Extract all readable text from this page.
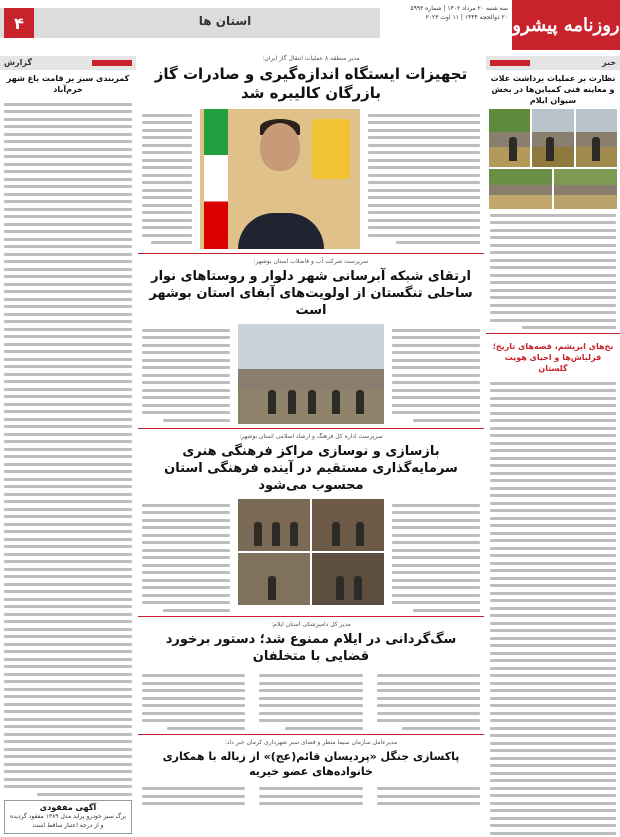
روزنامه پیشرو
سه شنبه ۲۰ مرداد ۱۴۰۲ | شماره ۵۹۹۳
۲۰ ذوالحجه ۱۴۴۴ | ۱۱ اوت ۲۰۲۳
استان ها
۴
خبر
نظارت بر عملیات برداشت غلات و معاینه فنی کمباین‌ها در بخش سیوان ایلام
نخ‌های ابریشم، قصه‌های تاریخ؛ قزلباش‌ها و احیای هویت گلستان
گزارش
کمربندی سبز بر قامت باغ شهر خرم‌آباد
آگهی مفقودی
برگ سبز خودرو پراید مدل ۱۳۸۹ مفقود گردیده و از درجه اعتبار ساقط است
مدیر منطقه ۸ عملیات انتقال گاز ایران:
تجهیزات ایستگاه اندازه‌گیری و صادرات گاز بازرگان کالیبره شد
سرپرست شرکت آب و فاضلاب استان بوشهر:
ارتقای شبکه آبرسانی شهر دلوار و روستاهای نوار ساحلی تنگستان از اولویت‌های آبفای استان بوشهر است
سرپرست اداره کل فرهنگ و ارشاد اسلامی استان بوشهر:
بازسازی و نوسازی مراکز فرهنگی هنری سرمایه‌گذاری مستقیم در آینده فرهنگی استان محسوب می‌شود
مدیر کل دامپزشکی استان ایلام:
سگ‌گردانی در ایلام ممنوع شد؛ دستور برخورد قضایی با متخلفان
مدیرعامل سازمان سیما منظر و فضای سبز شهرداری کرمان خبر داد:
پاکسازی جنگل «پردیسان قائم(عج)» از زباله با همکاری خانواده‌های عضو خیریه
